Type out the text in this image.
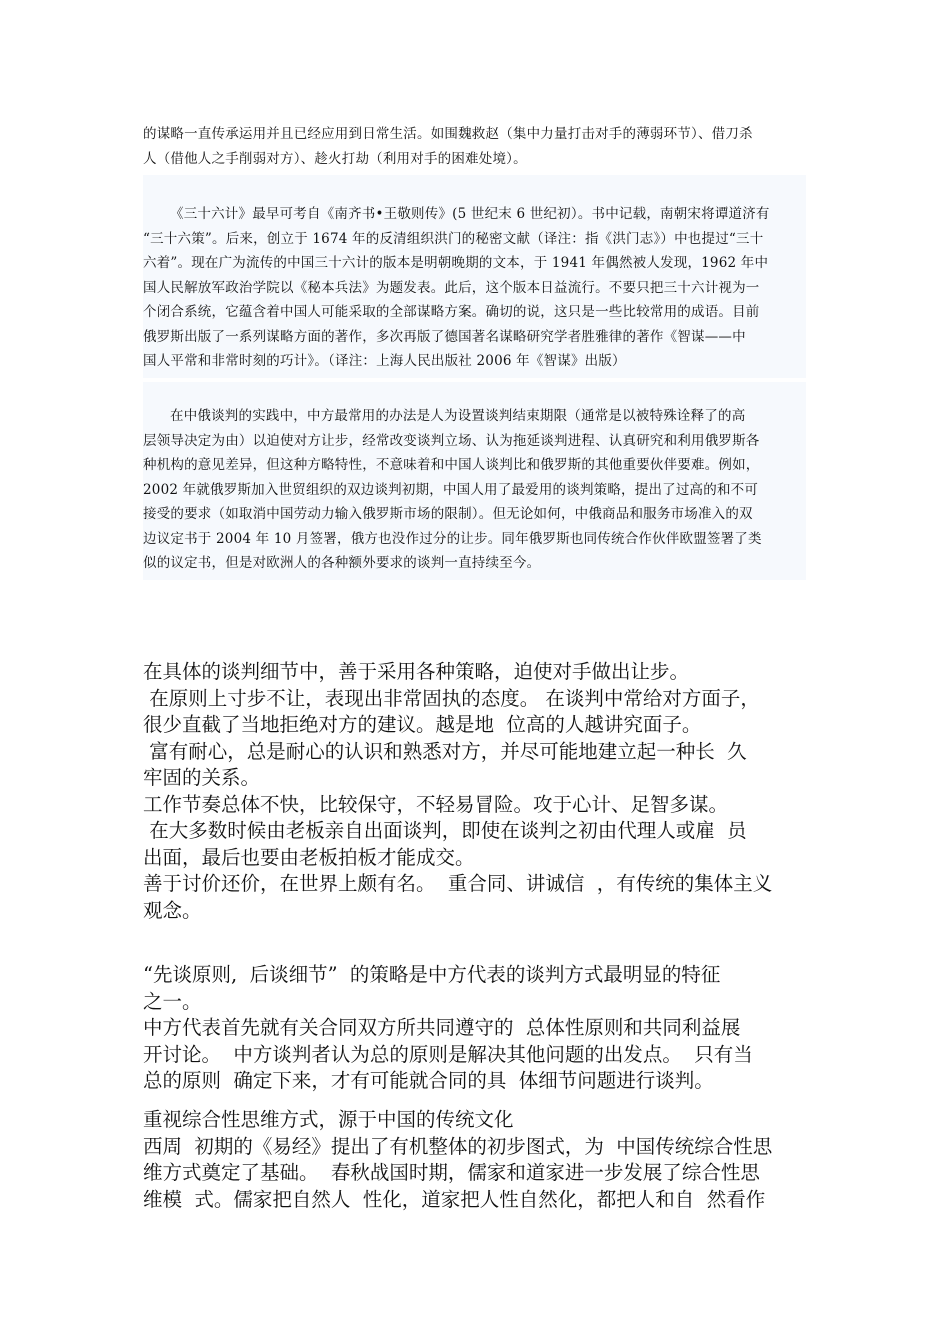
的谋略一直传承运用并且已经应用到日常生活。如围魏救赵（集中力量打击对手的薄弱环节）、借刀杀

人（借他人之手削弱对方）、趁火打劫（利用对手的困难处境）。

《三十六计》最早可考自《南齐书•王敬则传》(5 世纪末 6 世纪初）。书中记载，南朝宋将谭道济有

“三十六策”。后来，创立于 1674 年的反清组织洪门的秘密文献（译注：指《洪门志》）中也提过“三十

六着”。现在广为流传的中国三十六计的版本是明朝晚期的文本，于 1941 年偶然被人发现，1962 年中

国人民解放军政治学院以《秘本兵法》为题发表。此后，这个版本日益流行。不要只把三十六计视为一

个闭合系统，它蕴含着中国人可能采取的全部谋略方案。确切的说，这只是一些比较常用的成语。目前

俄罗斯出版了一系列谋略方面的著作，多次再版了德国著名谋略研究学者胜雅律的著作《智谋——中

国人平常和非常时刻的巧计》。（译注：上海人民出版社 2006 年《智谋》出版）

在中俄谈判的实践中，中方最常用的办法是人为设置谈判结束期限（通常是以被特殊诠释了的高

层领导决定为由）以迫使对方让步，经常改变谈判立场、认为拖延谈判进程、认真研究和利用俄罗斯各

种机构的意见差异，但这种方略特性，不意味着和中国人谈判比和俄罗斯的其他重要伙伴要难。例如，

2002 年就俄罗斯加入世贸组织的双边谈判初期，中国人用了最爱用的谈判策略，提出了过高的和不可

接受的要求（如取消中国劳动力输入俄罗斯市场的限制）。但无论如何，中俄商品和服务市场准入的双

边议定书于 2004 年 10 月签署，俄方也没作过分的让步。同年俄罗斯也同传统合作伙伴欧盟签署了类

似的议定书，但是对欧洲人的各种额外要求的谈判一直持续至今。

在具体的谈判细节中，善于采用各种策略，迫使对手做出让步。

在原则上寸步不让，表现出非常固执的态度。 在谈判中常给对方面子，

很少直截了当地拒绝对方的建议。越是地  位高的人越讲究面子。

富有耐心，总是耐心的认识和熟悉对方，并尽可能地建立起一种长  久

牢固的关系。

工作节奏总体不快，比较保守，不轻易冒险。攻于心计、足智多谋。

在大多数时候由老板亲自出面谈判，即使在谈判之初由代理人或雇  员

出面，最后也要由老板拍板才能成交。

善于讨价还价，在世界上颇有名。  重合同、讲诚信  ，有传统的集体主义

观念。

“先谈原则,  后谈细节”  的策略是中方代表的谈判方式最明显的特征

之一。

中方代表首先就有关合同双方所共同遵守的  总体性原则和共同利益展

开讨论。  中方谈判者认为总的原则是解决其他问题的出发点。  只有当

总的原则  确定下来，才有可能就合同的具  体细节问题进行谈判。

重视综合性思维方式，源于中国的传统文化

西周  初期的《易经》提出了有机整体的初步图式，为  中国传统综合性思

维方式奠定了基础。  春秋战国时期，儒家和道家进一步发展了综合性思

维模  式。儒家把自然人  性化，道家把人性自然化，都把人和自  然看作
